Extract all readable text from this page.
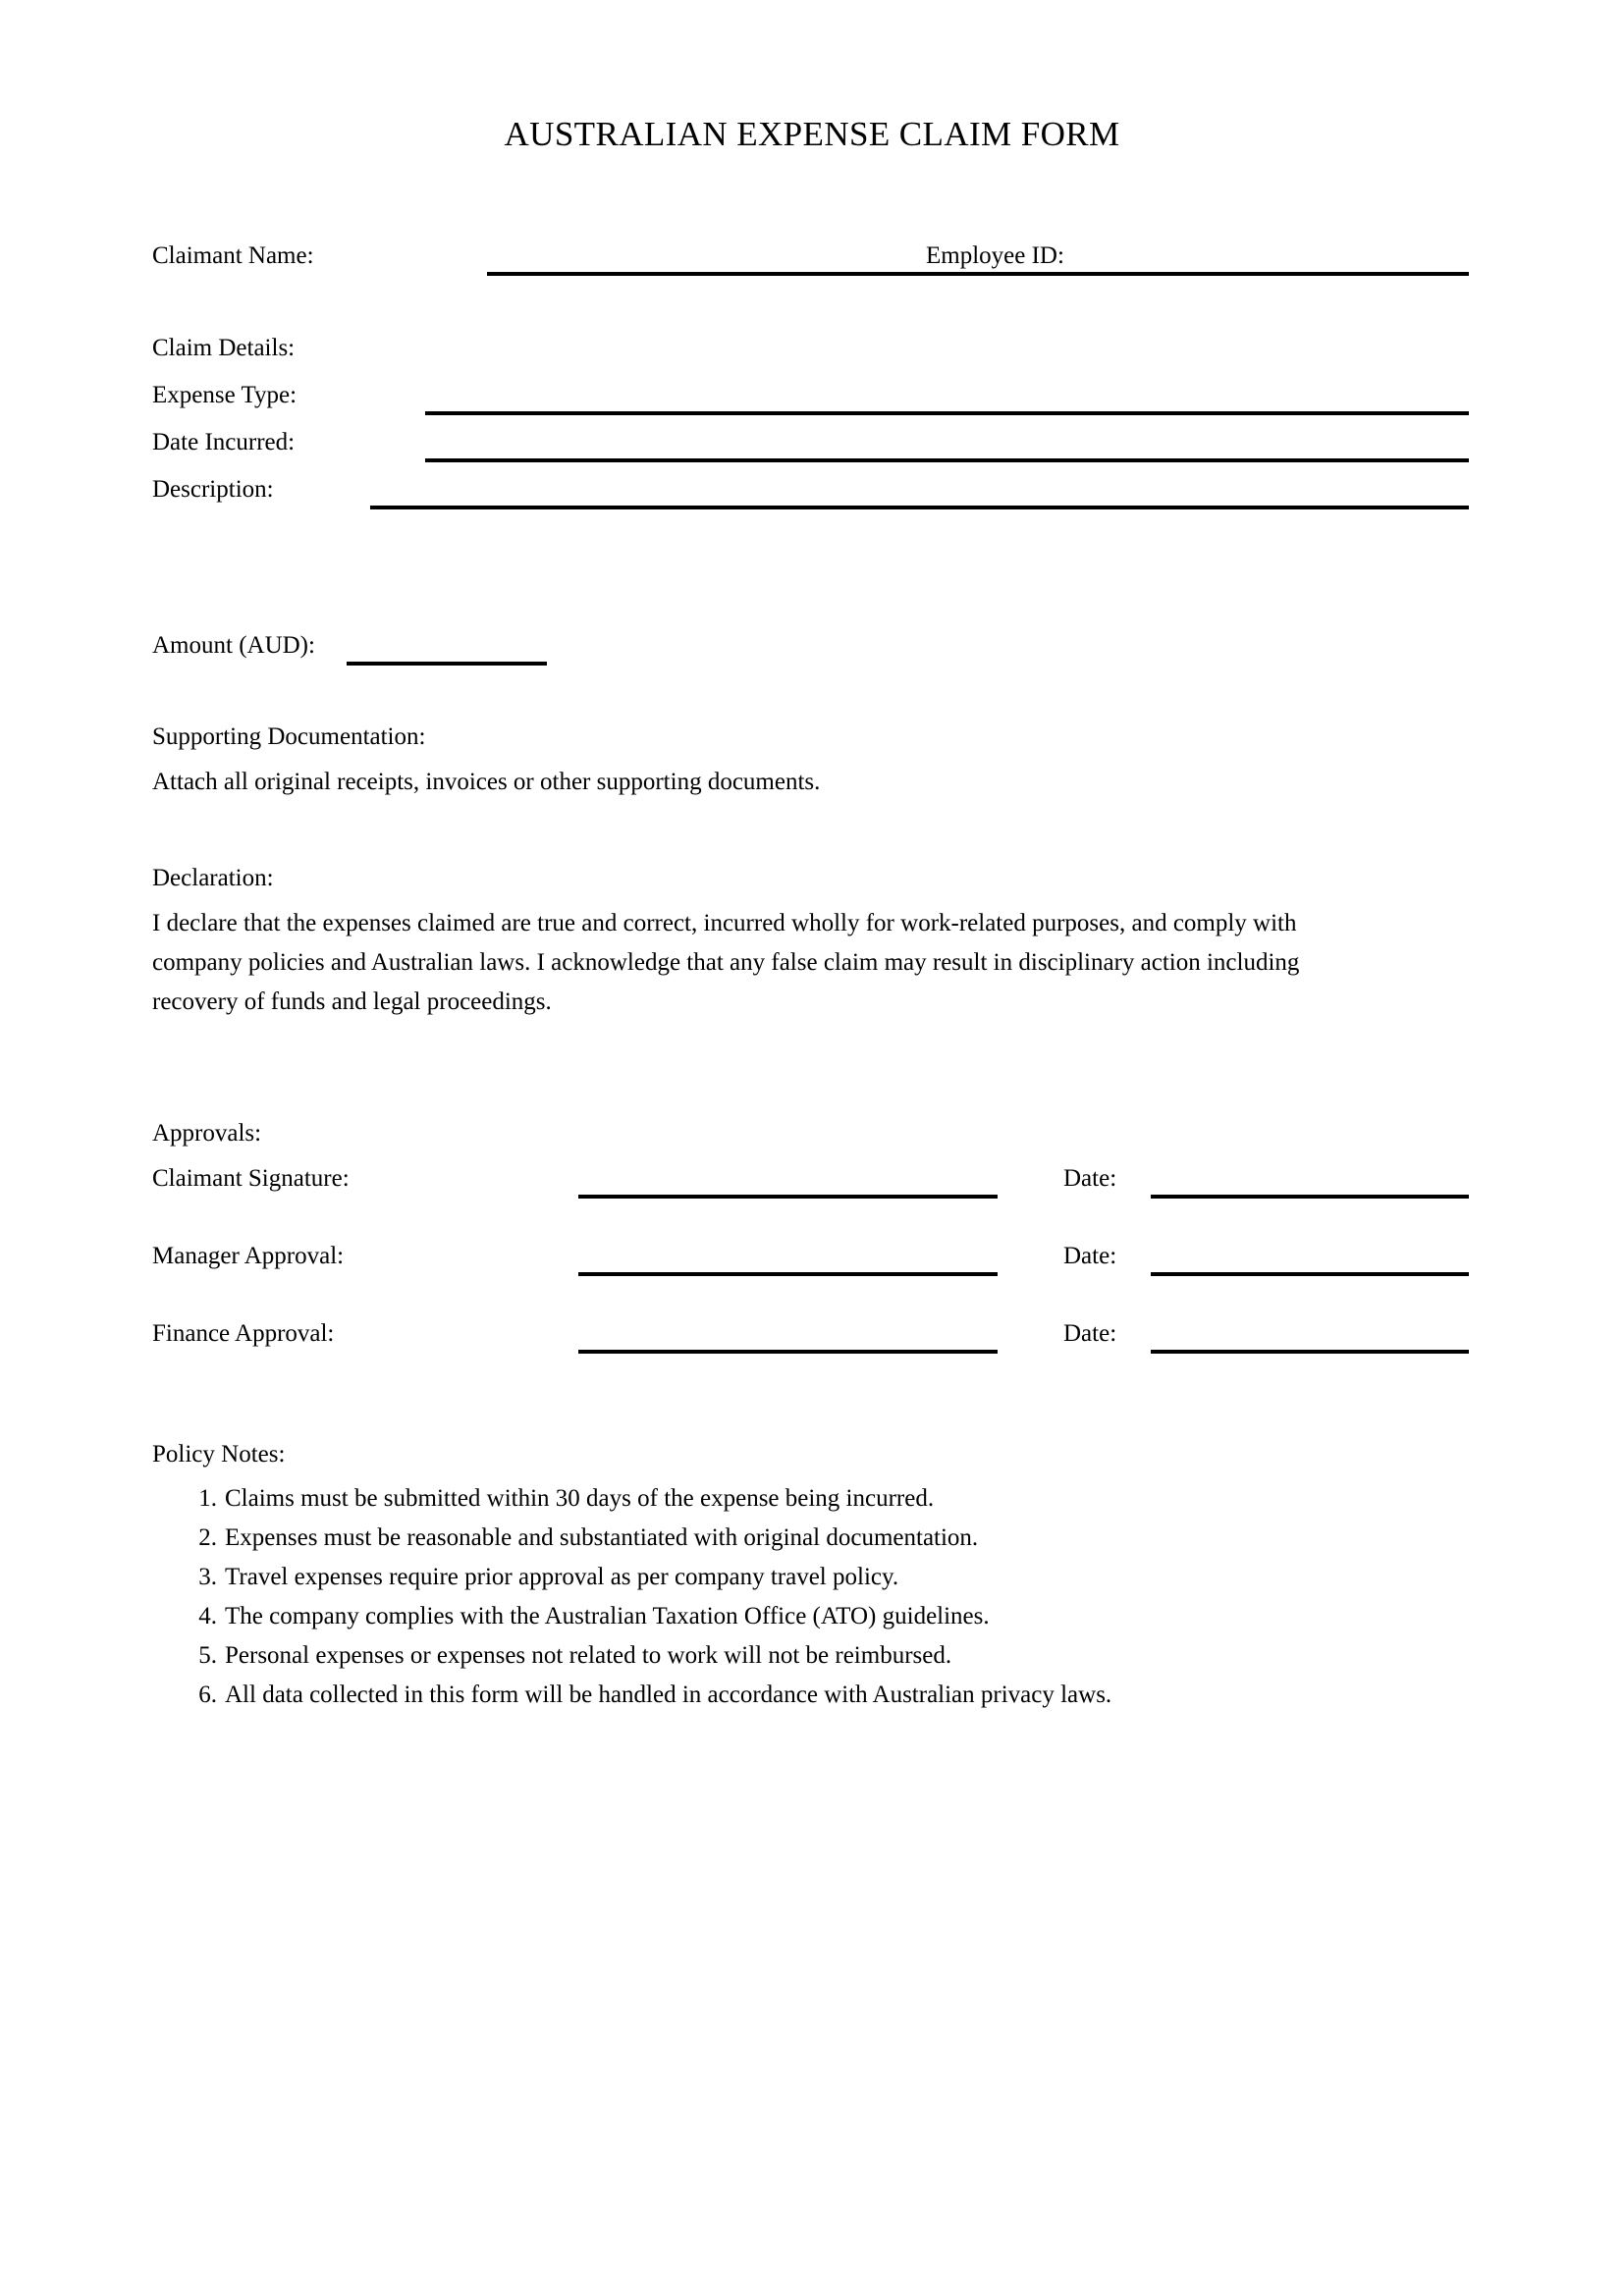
AUSTRALIAN EXPENSE CLAIM FORM
Claimant Name:	Employee ID:
Claim Details:
Expense Type:
Date Incurred:
Description:
Amount (AUD):
Supporting Documentation:
Attach all original receipts, invoices or other supporting documents.
Declaration:
I declare that the expenses claimed are true and correct, incurred wholly for work-related purposes, and comply with
company policies and Australian laws. I acknowledge that any false claim may result in disciplinary action including
recovery of funds and legal proceedings.
Approvals:
Claimant Signature:	Date:
Manager Approval:	Date:
Finance Approval:	Date:
Policy Notes:
1. Claims must be submitted within 30 days of the expense being incurred.
2. Expenses must be reasonable and substantiated with original documentation.
3. Travel expenses require prior approval as per company travel policy.
4. The company complies with the Australian Taxation Office (ATO) guidelines.
5. Personal expenses or expenses not related to work will not be reimbursed.
6. All data collected in this form will be handled in accordance with Australian privacy laws.
